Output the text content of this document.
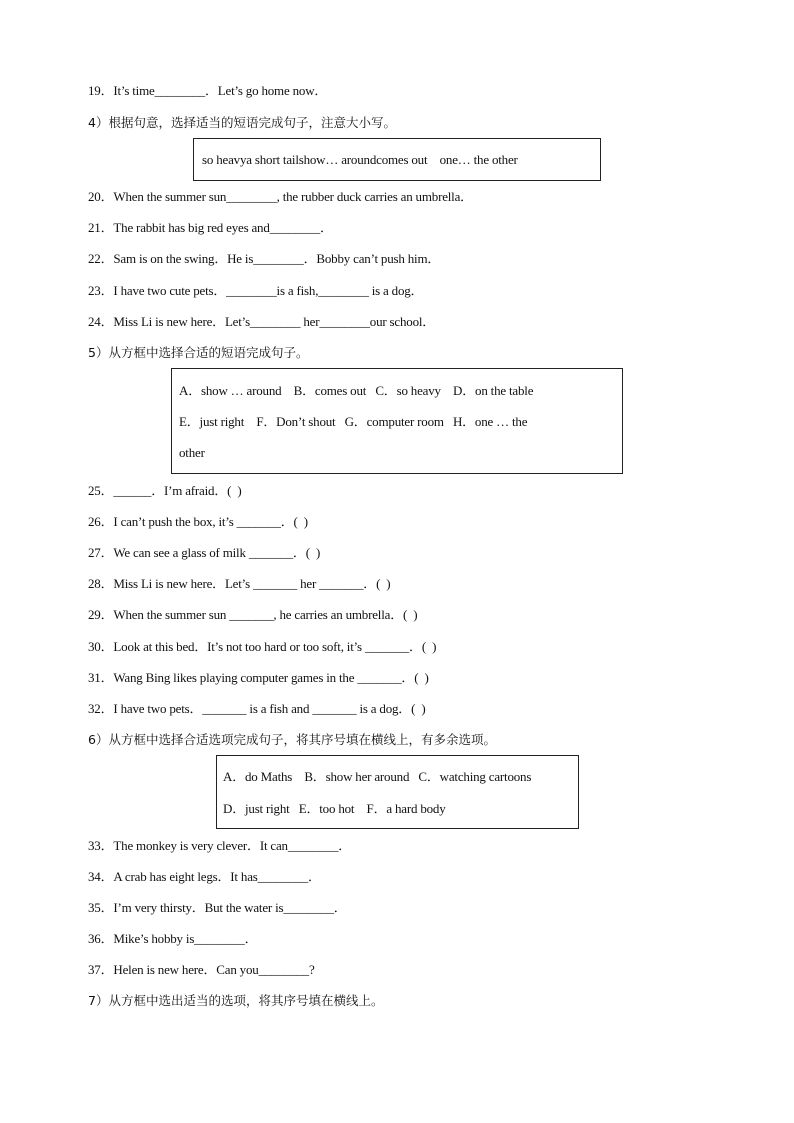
19．It’s time________．Let’s go home now．
4）根据句意，选择适当的短语完成句子，注意大小写。
so heavya short tailshow… aroundcomes out    one… the other
20．When the summer sun________, the rubber duck carries an umbrella．
21．The rabbit has big red eyes and________．
22．Sam is on the swing．He is________．Bobby can’t push him．
23．I have two cute pets．________is a fish,________ is a dog．
24．Miss Li is new here．Let’s________ her________our school．
5）从方框中选择合适的短语完成句子。
A．show … around    B．comes out   C．so heavy    D．on the table
E．just right    F．Don’t shout   G．computer room   H．one … the
other
25．______．I’m afraid．(  )
26．I can’t push the box, it’s _______．(  )
27．We can see a glass of milk _______．(  )
28．Miss Li is new here．Let’s _______ her _______．(  )
29．When the summer sun _______, he carries an umbrella．(  )
30．Look at this bed．It’s not too hard or too soft, it’s _______．(  )
31．Wang Bing likes playing computer games in the _______．(  )
32．I have two pets．_______ is a fish and _______ is a dog．(  )
6）从方框中选择合适选项完成句子，将其序号填在横线上，有多余选项。
A．do Maths    B．show her around   C．watching cartoons
D．just right   E．too hot    F．a hard body
33．The monkey is very clever．It can________．
34．A crab has eight legs．It has________．
35．I’m very thirsty．But the water is________．
36．Mike’s hobby is________．
37．Helen is new here．Can you________?
7）从方框中选出适当的选项，将其序号填在横线上。
